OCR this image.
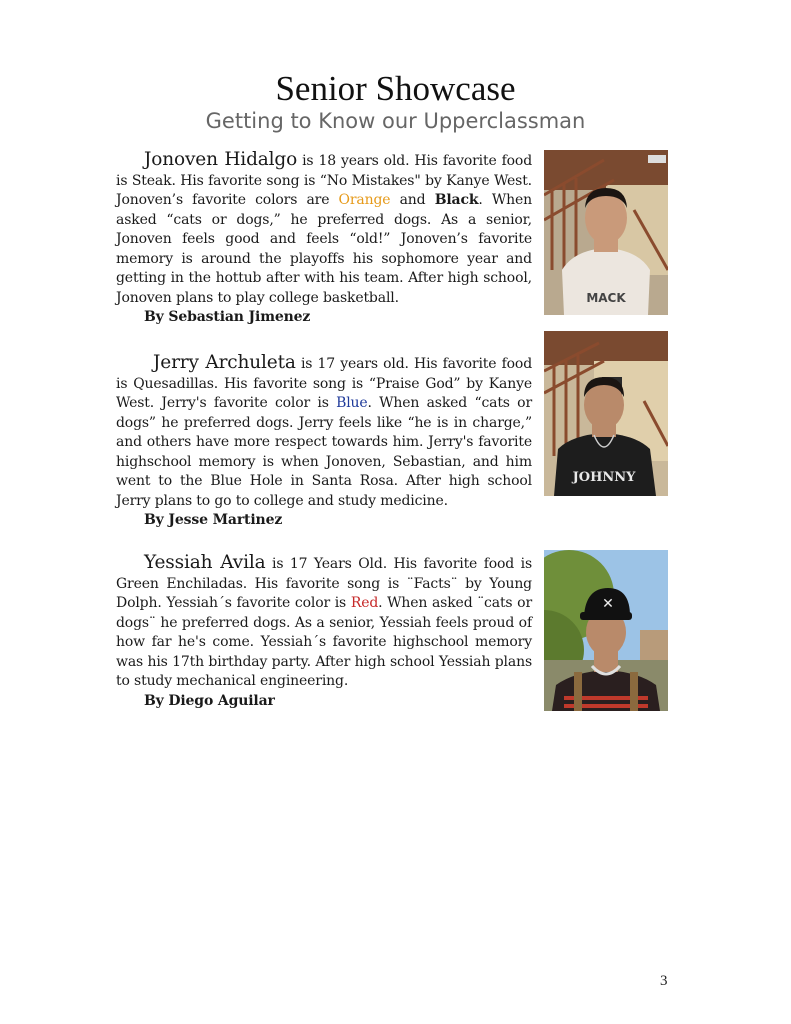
Senior Showcase
Getting to Know our Upperclassman

Jonoven Hidalgo is 18 years old. His favorite food is Steak. His favorite song is “No Mistakes" by Kanye West. Jonoven’s favorite colors are Orange and Black. When asked “cats or dogs,” he preferred dogs. As a senior, Jonoven feels good and feels “old!” Jonoven’s favorite memory is around the playoffs his sophomore year and getting in the hottub after with his team. After high school, Jonoven plans to play college basketball.

By Sebastian Jimenez

MACK

Jerry Archuleta is 17 years old. His favorite food is Quesadillas. His favorite song is “Praise God” by Kanye West. Jerry's favorite color is Blue. When asked “cats or dogs” he preferred dogs. Jerry feels like “he is in charge,” and others have more respect towards him. Jerry's favorite highschool memory is when Jonoven, Sebastian, and him went to the Blue Hole in Santa Rosa. After high school Jerry plans to go to college and study medicine.

By Jesse Martinez

JOHNNY

Yessiah Avila is 17 Years Old. His favorite food is Green Enchiladas. His favorite song is ¨Facts¨ by Young Dolph. Yessiah´s favorite color is Red. When asked ¨cats or dogs¨ he preferred dogs. As a senior, Yessiah feels proud of how far he's come. Yessiah´s favorite highschool memory was his 17th birthday party. After high school Yessiah plans to study mechanical engineering.

By Diego Aguilar

✕
3
